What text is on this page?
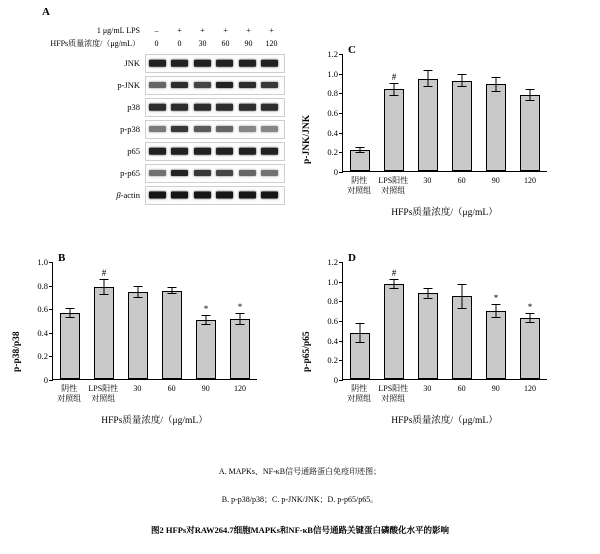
A
1 μg/mL LPS	–	+	+	+	+	+
HFPs质量浓度/（μg/mL）	0	0	30	60	90	120
JNK
p-JNK
p38
p-p38
p65
p-p65
β-actin
p-JNK/JNK
C
0
0.2
0.4
0.6
0.8
1.0
1.2
#
阴性
对照组
LPS阳性
对照组
30	60	90	120
HFPs质量浓度/（μg/mL）
p-p38/p38
B
0
0.2
0.4
0.6
0.8
1.0
#
*	*
阴性
对照组
LPS阳性
对照组
30	60	90	120
HFPs质量浓度/（μg/mL）
p-p65/p65
D
0
0.2
0.4
0.6
0.8
1.0
1.2
#
*
*
阴性
对照组
LPS阳性
对照组
30	60	90	120
HFPs质量浓度/（μg/mL）
A. MAPKs、NF-κB信号通路蛋白免疫印迹图；
B. p-p38/p38；C. p-JNK/JNK；D. p-p65/p65。
图2 HFPs对RAW264.7细胞MAPKs和NF-κB信号通路关键蛋白磷酸化水平的影响
